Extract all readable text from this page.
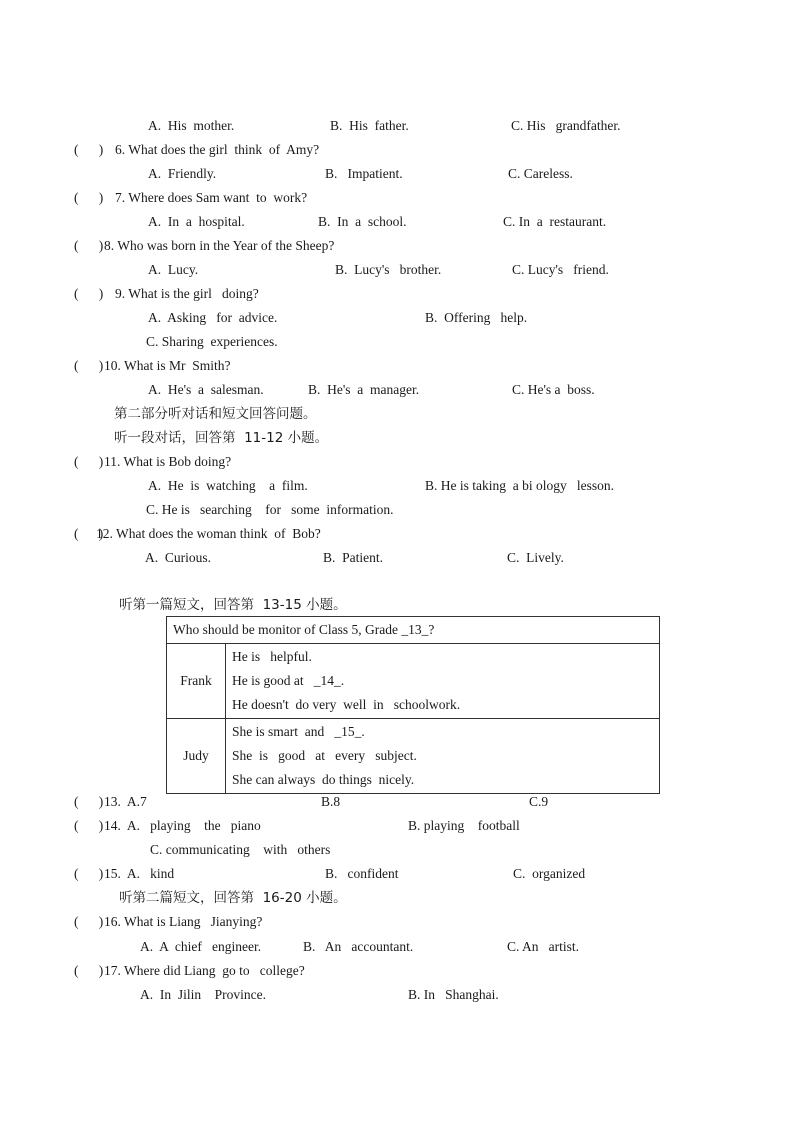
A.  His  mother.	B.  His  father.	C. His   grandfather.
(      ) 6. What does the girl  think  of  Amy?
A.  Friendly.	B.   Impatient.	C. Careless.
(      ) 7. Where does Sam want  to  work?
A.  In  a  hospital.	B.  In  a  school.	C. In  a  restaurant.
(      ) 8. Who was born in the Year of the Sheep?
A.  Lucy.	B.  Lucy's   brother.	C. Lucy's   friend.
(      ) 9. What is the girl   doing?
A.  Asking   for  advice.	B.  Offering   help.
C. Sharing  experiences.
(      ) 10. What is Mr  Smith?
A.  He's  a  salesman.	B.  He's  a  manager.	C. He's a  boss.
第二部分听对话和短文回答问题。
听一段对话，回答第  11-12 小题。
(      ) 11. What is Bob doing?
A.  He  is  watching    a  film.	B. He is taking  a bi ology   lesson.
C. He is   searching    for   some  information.
(      )
12. What does the woman think  of  Bob?
A.  Curious.	B.  Patient.	C.  Lively.
听第一篇短文，回答第  13-15 小题。
Who should be monitor of Class 5, Grade _13_?	
Frank	He is   helpful.
He is good at   _14_.
He doesn't  do very  well  in   schoolwork.

Judy	She is smart  and   _15_.
She  is   good   at   every   subject.
She can always  do things  nicely.
(      ) 13.  A.7	B.8	C.9
(      ) 14.  A.   playing    the   piano	B. playing    football
C. communicating    with   others
(      ) 15.  A.   kind	B.   confident	C.  organized
听第二篇短文，回答第  16-20 小题。
(      ) 16. What is Liang   Jianying?
A.  A  chief   engineer.	B.   An   accountant.	C. An   artist.
(      ) 17. Where did Liang  go to   college?
A.  In  Jilin    Province.	B. In   Shanghai.
